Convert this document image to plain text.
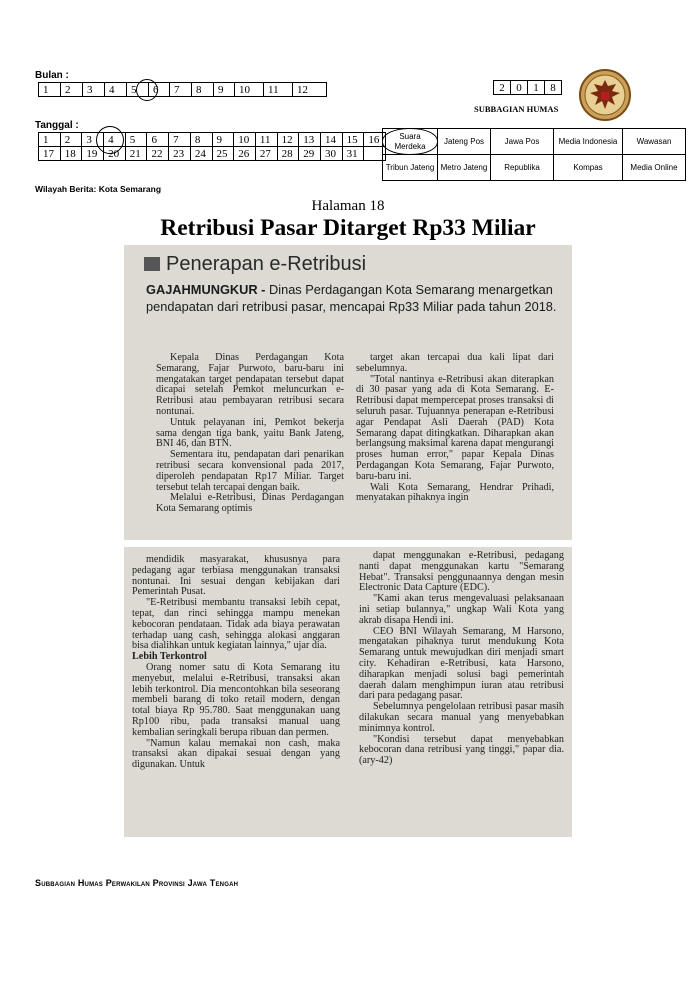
Bulan :
1	2	3	4	5	6	7	8	9	10	11	12
Tanggal :
1	2	3	4	5	6	7	8	9	10	11	12	13	14	15	16
17	18	19	20	21	22	23	24	25	26	27	28	29	30	31	
2	0	1	8
SUBBAGIAN HUMAS
Suara Merdeka	Jateng Pos	Jawa Pos	Media Indonesia	Wawasan
Tribun Jateng	Metro Jateng	Republika	Kompas	Media Online
Wilayah Berita: Kota Semarang
Halaman 18
Retribusi Pasar Ditarget Rp33 Miliar
Penerapan e-Retribusi
GAJAHMUNGKUR - Dinas Perdagangan Kota Semarang menargetkan pendapatan dari retribusi pasar, mencapai Rp33 Miliar pada tahun 2018.

Kepala Dinas Perdagangan Kota Semarang, Fajar Purwoto, baru-baru ini mengatakan target pendapatan tersebut dapat dicapai setelah Pemkot meluncurkan e-Retribusi atau pembayaran retribusi secara nontunai.

Untuk pelayanan ini, Pemkot bekerja sama dengan tiga bank, yaitu Bank Jateng, BNI 46, dan BTN.

Sementara itu, pendapatan dari penarikan retribusi secara konvensional pada 2017, diperoleh pendapatan Rp17 Miliar. Target tersebut telah tercapai dengan baik.

Melalui e-Retribusi, Dinas Perdagangan Kota Semarang optimis

target akan tercapai dua kali lipat dari sebelumnya.

"Total nantinya e-Retribusi akan diterapkan di 30 pasar yang ada di Kota Semarang. E-Retribusi dapat mempercepat proses transaksi di seluruh pasar. Tujuannya penerapan e-Retribusi agar Pendapat Asli Daerah (PAD) Kota Semarang dapat ditingkatkan. Diharapkan akan berlangsung maksimal karena dapat mengurangi proses human error," papar Kepala Dinas Perdagangan Kota Semarang, Fajar Purwoto, baru-baru ini.

Wali Kota Semarang, Hendrar Prihadi, menyatakan pihaknya ingin

mendidik masyarakat, khususnya para pedagang agar terbiasa menggunakan transaksi nontunai. Ini sesuai dengan kebijakan dari Pemerintah Pusat.

"E-Retribusi membantu transaksi lebih cepat, tepat, dan rinci sehingga mampu menekan kebocoran pendataan. Tidak ada biaya perawatan terhadap uang cash, sehingga alokasi anggaran bisa dialihkan untuk kegiatan lainnya," ujar dia.

Lebih Terkontrol

Orang nomer satu di Kota Semarang itu menyebut, melalui e-Retribusi, transaksi akan lebih terkontrol. Dia mencontohkan bila seseorang membeli barang di toko retail modern, dengan total biaya Rp 95.780. Saat menggunakan uang Rp100 ribu, pada transaksi manual uang kembalian seringkali berupa ribuan dan permen.

"Namun kalau memakai non cash, maka transaksi akan dipakai sesuai dengan yang digunakan. Untuk

dapat menggunakan e-Retribusi, pedagang nanti dapat menggunakan kartu "Semarang Hebat". Transaksi penggunaannya dengan mesin Electronic Data Capture (EDC).

"Kami akan terus mengevaluasi pelaksanaan ini setiap bulannya," ungkap Wali Kota yang akrab disapa Hendi ini.

CEO BNI Wilayah Semarang, M Harsono, mengatakan pihaknya turut mendukung Kota Semarang untuk mewujudkan diri menjadi smart city. Kehadiran e-Retribusi, kata Harsono, diharapkan menjadi solusi bagi pemerintah daerah dalam menghimpun iuran atau retribusi dari para pedagang pasar.

Sebelumnya pengelolaan retribusi pasar masih dilakukan secara manual yang menyebabkan minimnya kontrol.

"Kondisi tersebut dapat menyebabkan kebocoran dana retribusi yang tinggi," papar dia. (ary-42)

Subbagian Humas Perwakilan Provinsi Jawa Tengah
